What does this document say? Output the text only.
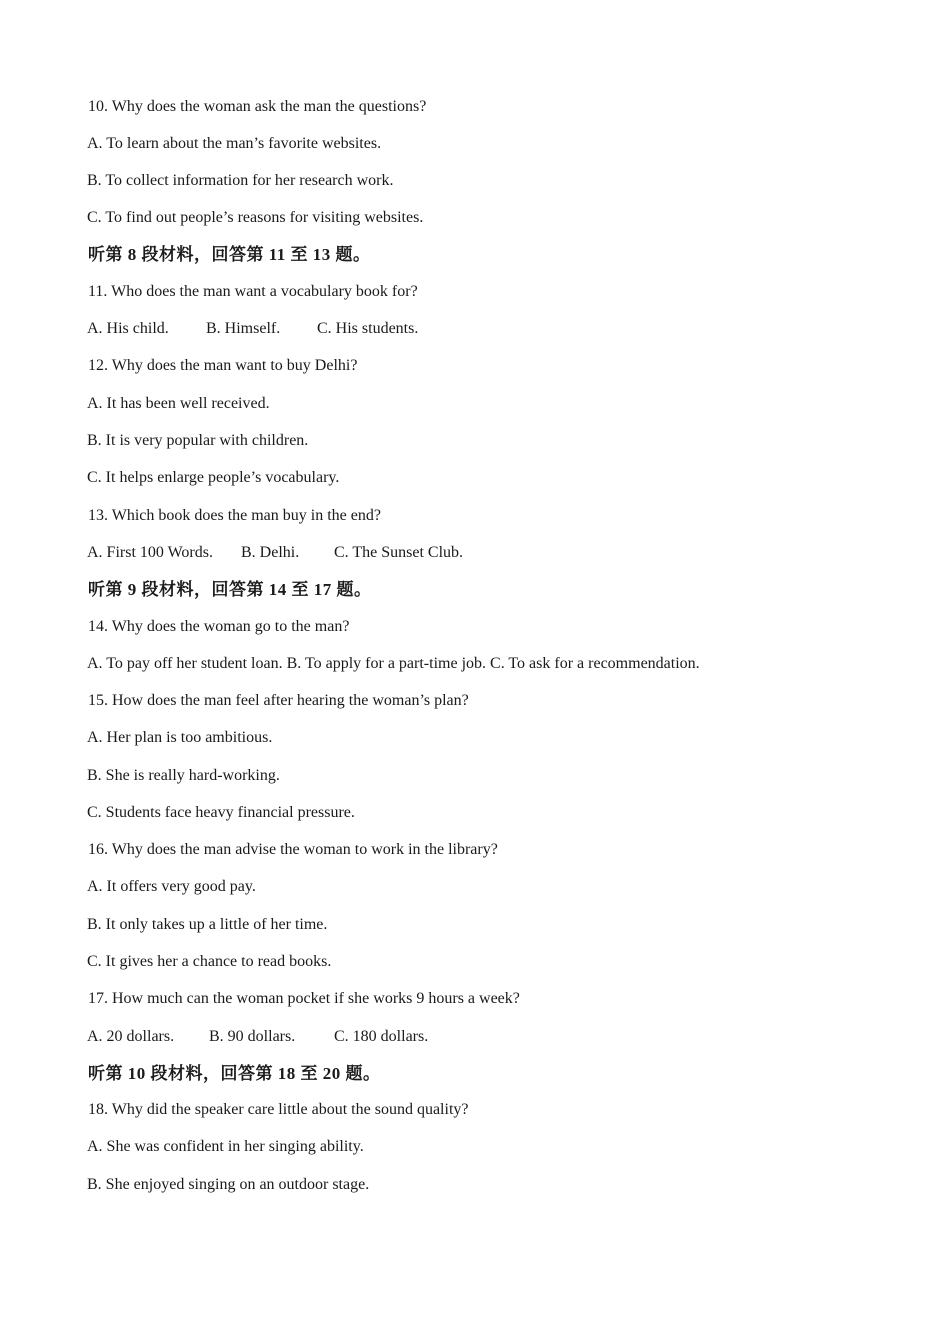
10. Why does the woman ask the man the questions?
A. To learn about the man’s favorite websites.
B. To collect information for her research work.
C. To find out people’s reasons for visiting websites.
听第 8 段材料，回答第 11 至 13 题。
11. Who does the man want a vocabulary book for?
A. His child. B. Himself. C. His students.
12. Why does the man want to buy Delhi?
A. It has been well received.
B. It is very popular with children.
C. It helps enlarge people’s vocabulary.
13. Which book does the man buy in the end?
A. First 100 Words. B. Delhi. C. The Sunset Club.
听第 9 段材料，回答第 14 至 17 题。
14. Why does the woman go to the man?
A. To pay off her student loan. B. To apply for a part-time job. C. To ask for a recommendation.
15. How does the man feel after hearing the woman’s plan?
A. Her plan is too ambitious.
B. She is really hard-working.
C. Students face heavy financial pressure.
16. Why does the man advise the woman to work in the library?
A. It offers very good pay.
B. It only takes up a little of her time.
C. It gives her a chance to read books.
17. How much can the woman pocket if she works 9 hours a week?
A. 20 dollars. B. 90 dollars. C. 180 dollars.
听第 10 段材料，回答第 18 至 20 题。
18. Why did the speaker care little about the sound quality?
A. She was confident in her singing ability.
B. She enjoyed singing on an outdoor stage.
